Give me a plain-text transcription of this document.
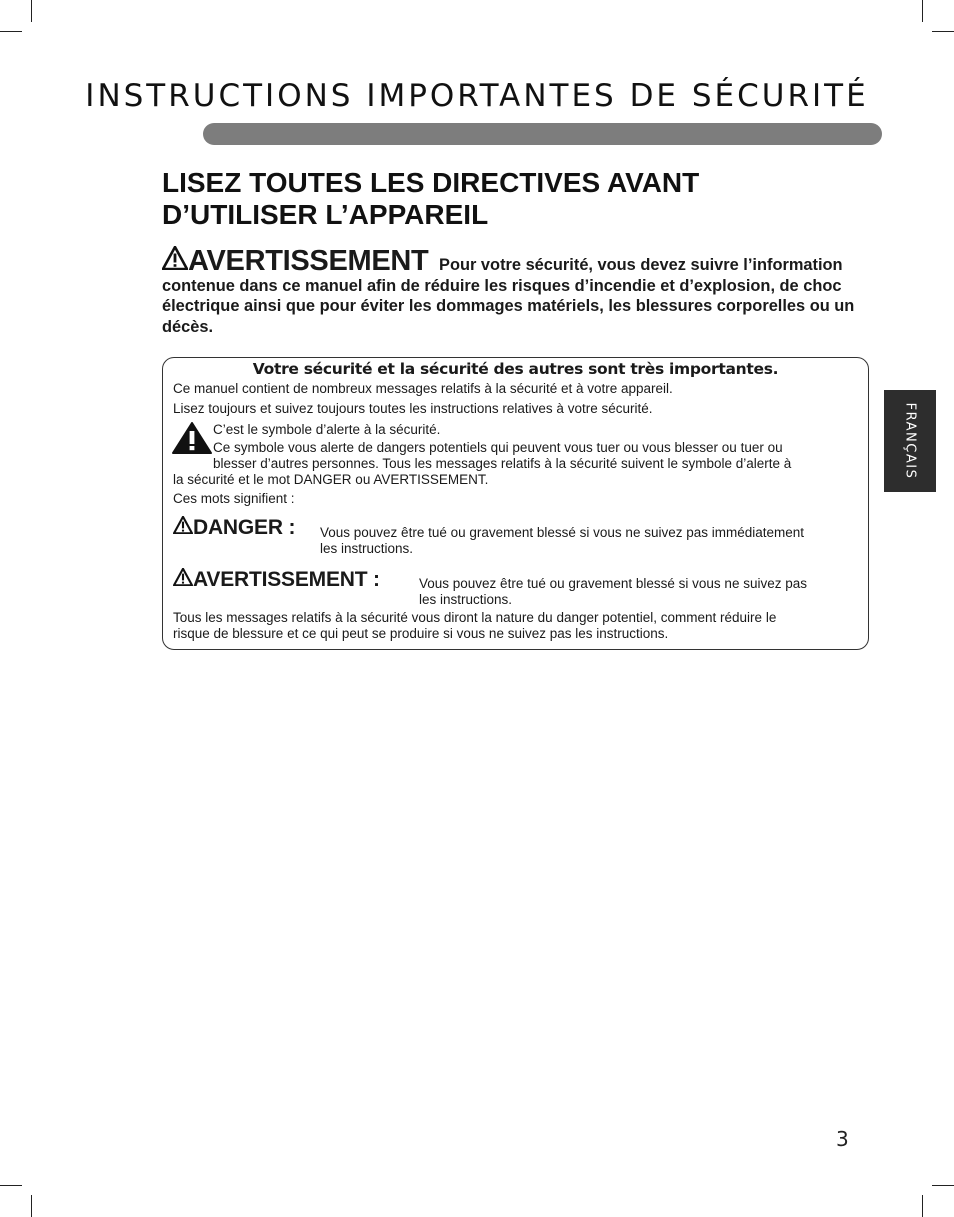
INSTRUCTIONS IMPORTANTES DE SÉCURITÉ
LISEZ TOUTES LES DIRECTIVES AVANT
D’UTILISER L’APPAREIL

AVERTISSEMENT Pour votre sécurité, vous devez suivre l’information contenue dans ce manuel afin de réduire les risques d’incendie et d’explosion, de choc électrique ainsi que pour éviter les dommages matériels, les blessures corporelles ou un décès.

Votre sécurité et la sécurité des autres sont très importantes.
Ce manuel contient de nombreux messages relatifs à la sécurité et à votre appareil.
Lisez toujours et suivez toujours toutes les instructions relatives à votre sécurité.
C’est le symbole d’alerte à la sécurité.
Ce symbole vous alerte de dangers potentiels qui peuvent vous tuer ou vous blesser ou tuer ou
blesser d’autres personnes. Tous les messages relatifs à la sécurité suivent le symbole d’alerte à
la sécurité et le mot DANGER ou AVERTISSEMENT.
Ces mots signifient :
DANGER : Vous pouvez être tué ou gravement blessé si vous ne suivez pas immédiatement
les instructions.
AVERTISSEMENT :	Vous pouvez être tué ou gravement blessé si vous ne suivez pas
les instructions.
Tous les messages relatifs à la sécurité vous diront la nature du danger potentiel, comment réduire le
risque de blessure et ce qui peut se produire si vous ne suivez pas les instructions.
FRANÇAIS
3
